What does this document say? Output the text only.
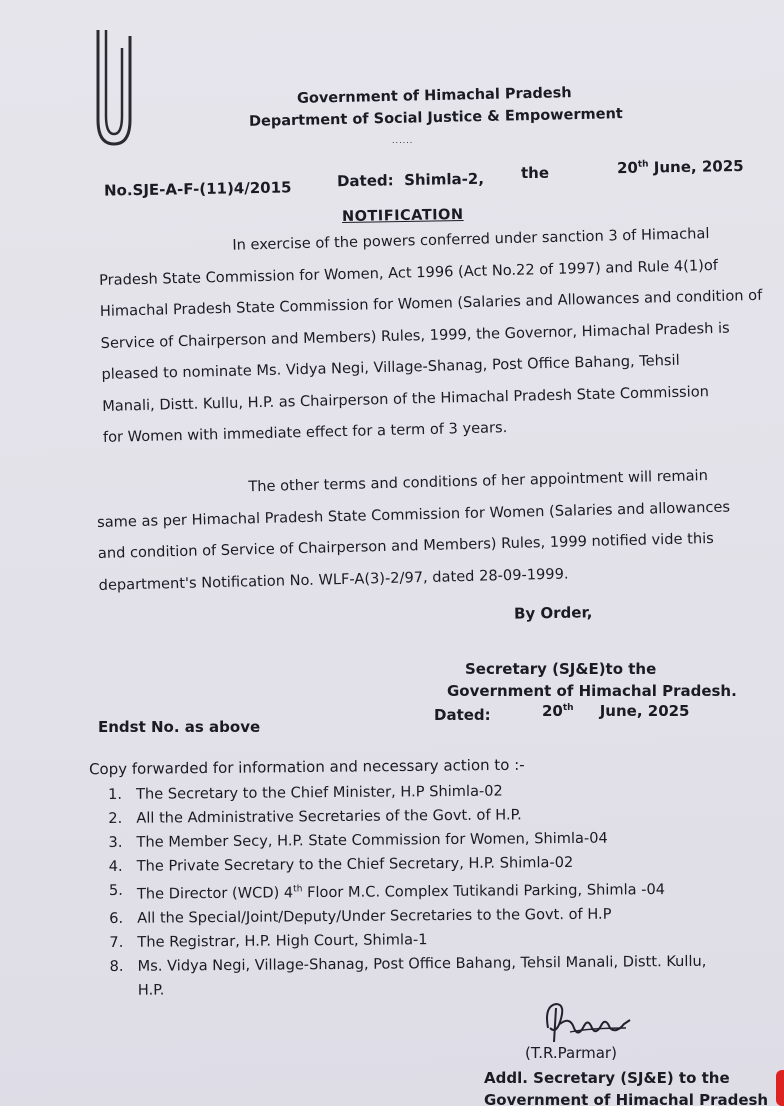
Government of Himachal Pradesh
Department of Social Justice & Empowerment
......
No.SJE-A-F-(11)4/2015	Dated: Shimla-2, the	20th June, 2025
NOTIFICATION
In exercise of the powers conferred under sanction 3 of Himachal
Pradesh State Commission for Women, Act 1996 (Act No.22 of 1997) and Rule 4(1)of
Himachal Pradesh State Commission for Women (Salaries and Allowances and condition of
Service of Chairperson and Members) Rules, 1999, the Governor, Himachal Pradesh is
pleased to nominate Ms. Vidya Negi, Village-Shanag, Post Office Bahang, Tehsil
Manali, Distt. Kullu, H.P. as Chairperson of the Himachal Pradesh State Commission
for Women with immediate effect for a term of 3 years.
The other terms and conditions of her appointment will remain
same as per Himachal Pradesh State Commission for Women (Salaries and allowances
and condition of Service of Chairperson and Members) Rules, 1999 notified vide this
department's Notification No. WLF-A(3)-2/97, dated 28-09-1999.
By Order,
Secretary (SJ&E)to the
Government of Himachal Pradesh.
Endst No. as above
Dated:	20th June, 2025
Copy forwarded for information and necessary action to :-
1. The Secretary to the Chief Minister, H.P Shimla-02
2. All the Administrative Secretaries of the Govt. of H.P.
3. The Member Secy, H.P. State Commission for Women, Shimla-04
4. The Private Secretary to the Chief Secretary, H.P. Shimla-02
5. The Director (WCD) 4th Floor M.C. Complex Tutikandi Parking, Shimla -04
6. All the Special/Joint/Deputy/Under Secretaries to the Govt. of H.P
7. The Registrar, H.P. High Court, Shimla-1
8. Ms. Vidya Negi, Village-Shanag, Post Office Bahang, Tehsil Manali, Distt. Kullu,
H.P.
(T.R.Parmar)
Addl. Secretary (SJ&E) to the
Government of Himachal Pradesh
